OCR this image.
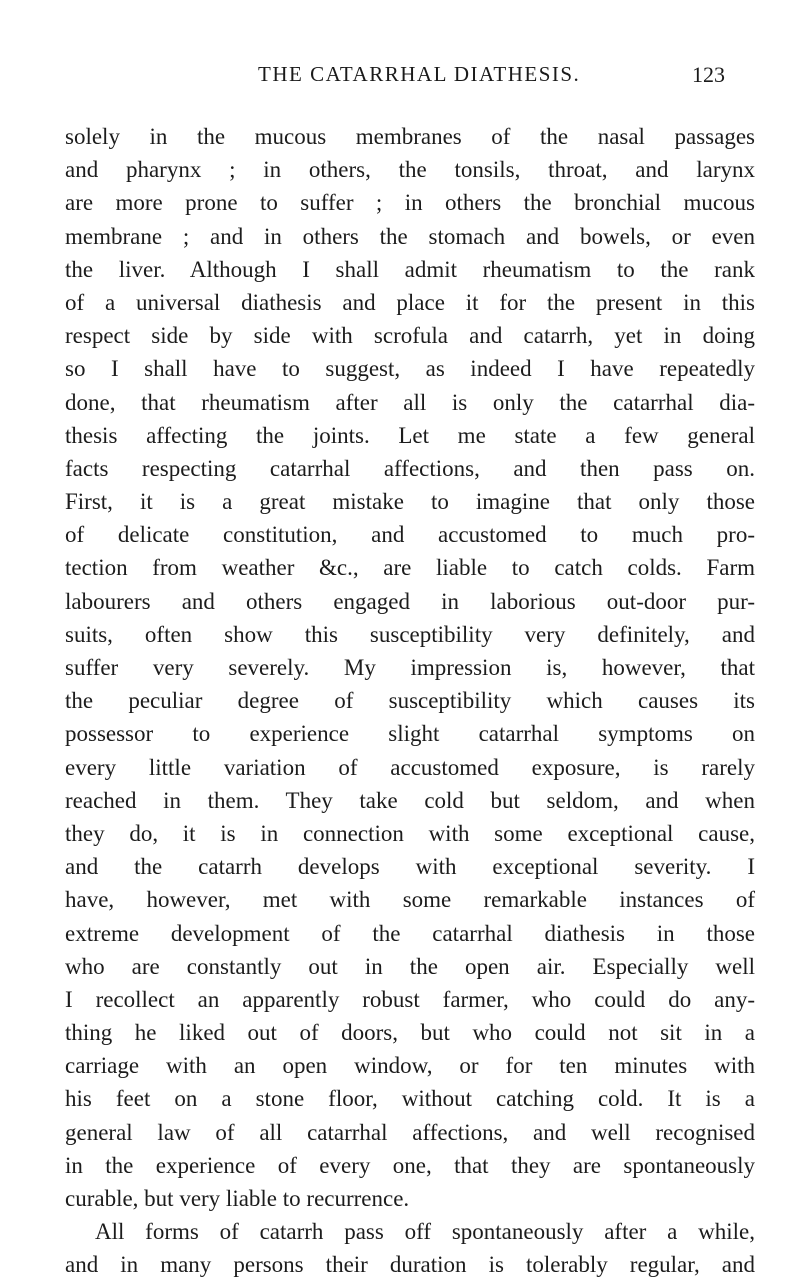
THE CATARRHAL DIATHESIS.	123
solely in the mucous membranes of the nasal passages
and pharynx ; in others, the tonsils, throat, and larynx
are more prone to suffer ; in others the bronchial mucous
membrane ; and in others the stomach and bowels, or even
the liver. Although I shall admit rheumatism to the rank
of a universal diathesis and place it for the present in this
respect side by side with scrofula and catarrh, yet in doing
so I shall have to suggest, as indeed I have repeatedly
done, that rheumatism after all is only the catarrhal dia-
thesis affecting the joints. Let me state a few general
facts respecting catarrhal affections, and then pass on.
First, it is a great mistake to imagine that only those
of delicate constitution, and accustomed to much pro-
tection from weather &c., are liable to catch colds. Farm
labourers and others engaged in laborious out-door pur-
suits, often show this susceptibility very definitely, and
suffer very severely. My impression is, however, that
the peculiar degree of susceptibility which causes its
possessor to experience slight catarrhal symptoms on
every little variation of accustomed exposure, is rarely
reached in them. They take cold but seldom, and when
they do, it is in connection with some exceptional cause,
and the catarrh develops with exceptional severity. I
have, however, met with some remarkable instances of
extreme development of the catarrhal diathesis in those
who are constantly out in the open air. Especially well
I recollect an apparently robust farmer, who could do any-
thing he liked out of doors, but who could not sit in a
carriage with an open window, or for ten minutes with
his feet on a stone floor, without catching cold. It is a
general law of all catarrhal affections, and well recognised
in the experience of every one, that they are spontaneously
curable, but very liable to recurrence.
All forms of catarrh pass off spontaneously after a while,
and in many persons their duration is tolerably regular, and
